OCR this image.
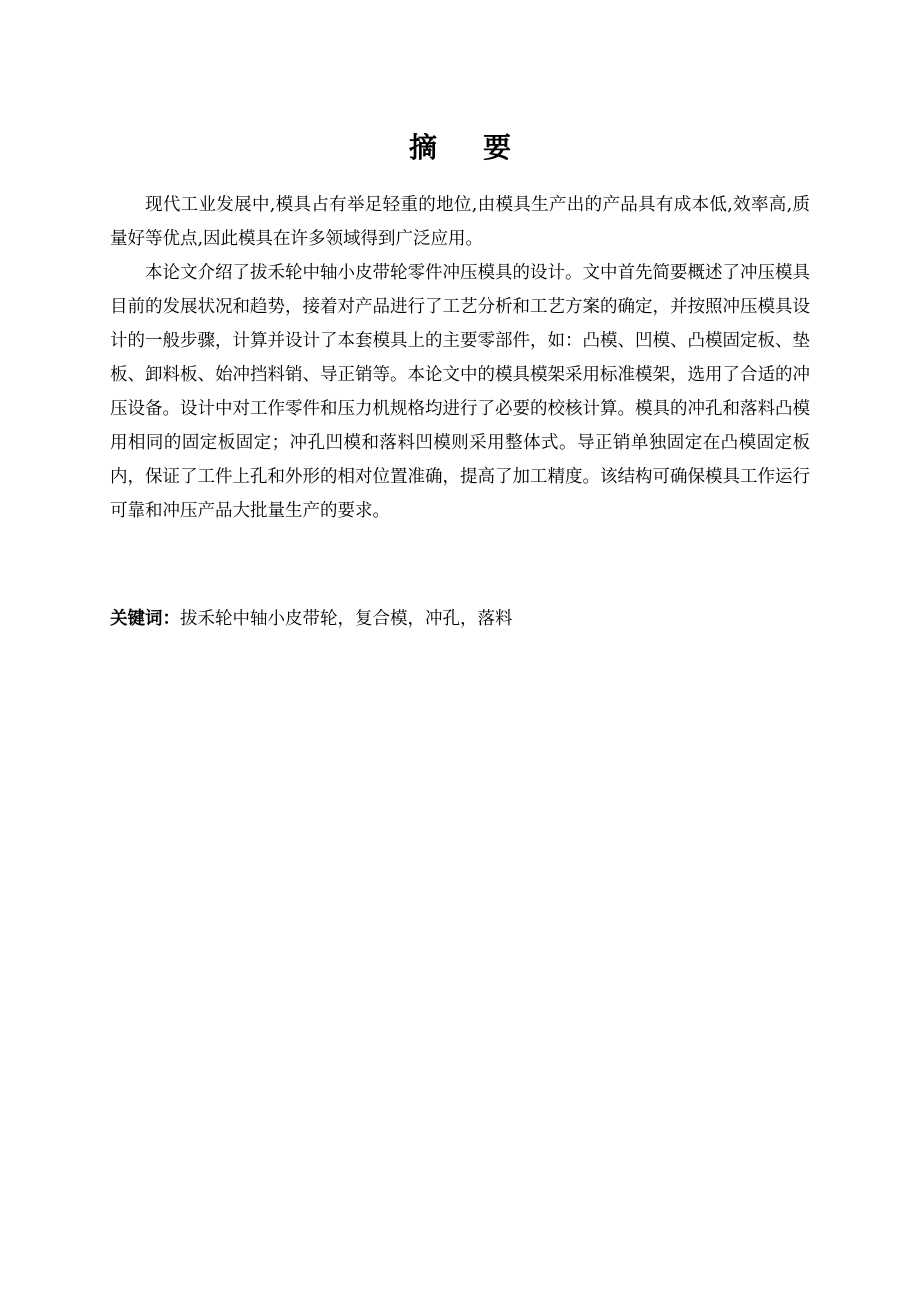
摘 要

现代工业发展中,模具占有举足轻重的地位,由模具生产出的产品具有成本低,效率高,质量好等优点,因此模具在许多领域得到广泛应用。

本论文介绍了拔禾轮中轴小皮带轮零件冲压模具的设计。文中首先简要概述了冲压模具目前的发展状况和趋势，接着对产品进行了工艺分析和工艺方案的确定，并按照冲压模具设计的一般步骤，计算并设计了本套模具上的主要零部件，如：凸模、凹模、凸模固定板、垫板、卸料板、始冲挡料销、导正销等。本论文中的模具模架采用标准模架，选用了合适的冲压设备。设计中对工作零件和压力机规格均进行了必要的校核计算。模具的冲孔和落料凸模用相同的固定板固定；冲孔凹模和落料凹模则采用整体式。导正销单独固定在凸模固定板内，保证了工件上孔和外形的相对位置准确，提高了加工精度。该结构可确保模具工作运行可靠和冲压产品大批量生产的要求。

关键词：拔禾轮中轴小皮带轮，复合模，冲孔，落料
